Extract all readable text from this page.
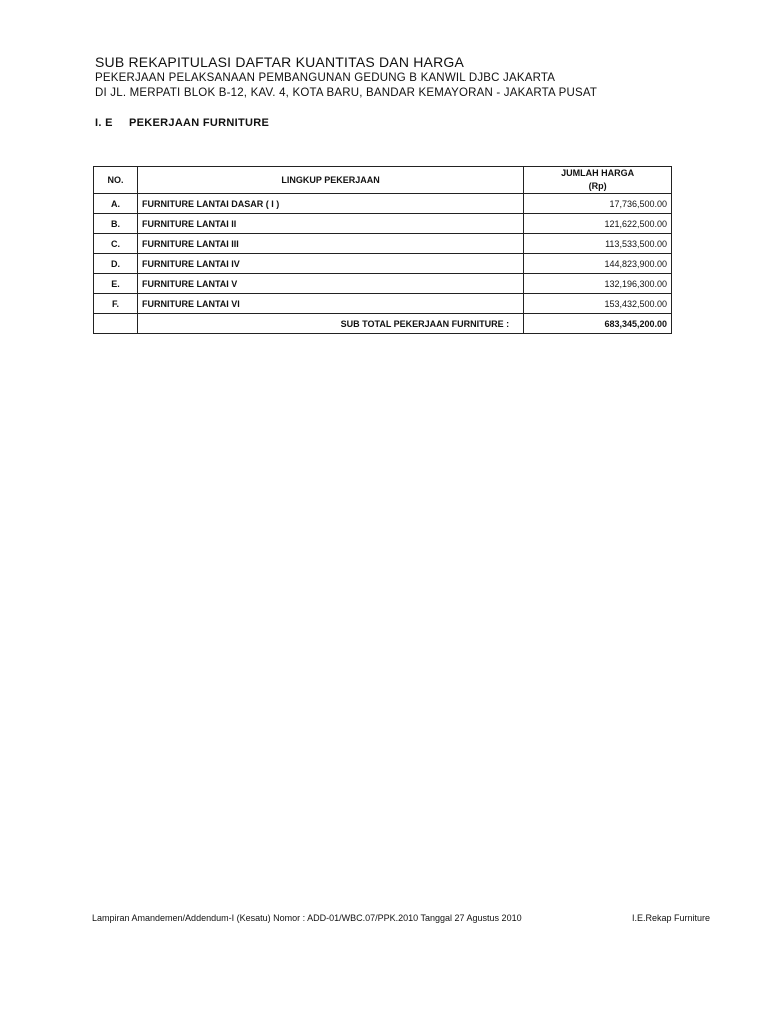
SUB REKAPITULASI DAFTAR KUANTITAS DAN HARGA
PEKERJAAN PELAKSANAAN PEMBANGUNAN GEDUNG B KANWIL DJBC JAKARTA
DI JL. MERPATI BLOK B-12, KAV. 4, KOTA BARU, BANDAR KEMAYORAN - JAKARTA PUSAT
I. E PEKERJAAN FURNITURE
NO.	LINGKUP PEKERJAAN	JUMLAH HARGA
(Rp)

A.	FURNITURE LANTAI DASAR ( I )	17,736,500.00
B.	FURNITURE LANTAI II	121,622,500.00
C.	FURNITURE LANTAI III	113,533,500.00
D.	FURNITURE LANTAI IV	144,823,900.00
E.	FURNITURE LANTAI V	132,196,300.00
F.	FURNITURE LANTAI VI	153,432,500.00
	SUB TOTAL PEKERJAAN FURNITURE :	683,345,200.00
Lampiran Amandemen/Addendum-I (Kesatu) Nomor : ADD-01/WBC.07/PPK.2010 Tanggal 27 Agustus 2010	I.E.Rekap Furniture
